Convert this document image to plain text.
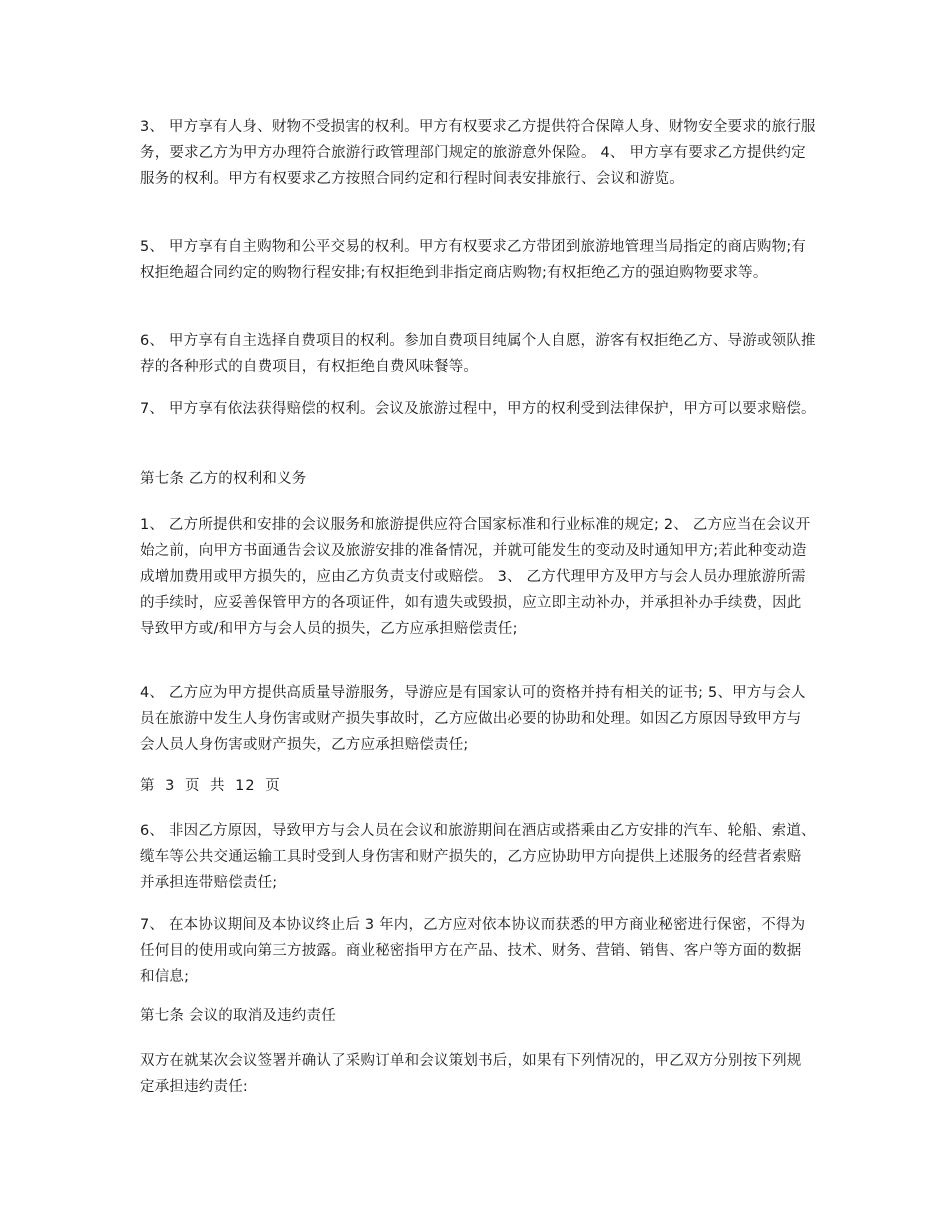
3、 甲方享有人身、财物不受损害的权利。甲方有权要求乙方提供符合保障人身、财物安全要求的旅行服务，要求乙方为甲方办理符合旅游行政管理部门规定的旅游意外保险。 4、 甲方享有要求乙方提供约定服务的权利。甲方有权要求乙方按照合同约定和行程时间表安排旅行、会议和游览。

5、 甲方享有自主购物和公平交易的权利。甲方有权要求乙方带团到旅游地管理当局指定的商店购物;有权拒绝超合同约定的购物行程安排;有权拒绝到非指定商店购物;有权拒绝乙方的强迫购物要求等。

6、 甲方享有自主选择自费项目的权利。参加自费项目纯属个人自愿，游客有权拒绝乙方、导游或领队推荐的各种形式的自费项目，有权拒绝自费风味餐等。

7、 甲方享有依法获得赔偿的权利。会议及旅游过程中，甲方的权利受到法律保护，甲方可以要求赔偿。

第七条 乙方的权利和义务

1、 乙方所提供和安排的会议服务和旅游提供应符合国家标准和行业标准的规定; 2、 乙方应当在会议开始之前，向甲方书面通告会议及旅游安排的准备情况，并就可能发生的变动及时通知甲方;若此种变动造成增加费用或甲方损失的，应由乙方负责支付或赔偿。 3、 乙方代理甲方及甲方与会人员办理旅游所需的手续时，应妥善保管甲方的各项证件，如有遗失或毁损，应立即主动补办，并承担补办手续费，因此导致甲方或/和甲方与会人员的损失，乙方应承担赔偿责任;

4、 乙方应为甲方提供高质量导游服务，导游应是有国家认可的资格并持有相关的证书; 5、甲方与会人员在旅游中发生人身伤害或财产损失事故时，乙方应做出必要的协助和处理。如因乙方原因导致甲方与会人员人身伤害或财产损失，乙方应承担赔偿责任;

第 3 页 共 12 页

6、 非因乙方原因，导致甲方与会人员在会议和旅游期间在酒店或搭乘由乙方安排的汽车、轮船、索道、缆车等公共交通运输工具时受到人身伤害和财产损失的，乙方应协助甲方向提供上述服务的经营者索赔并承担连带赔偿责任;

7、 在本协议期间及本协议终止后 3 年内，乙方应对依本协议而获悉的甲方商业秘密进行保密，不得为任何目的使用或向第三方披露。商业秘密指甲方在产品、技术、财务、营销、销售、客户等方面的数据和信息;

第七条 会议的取消及违约责任

双方在就某次会议签署并确认了采购订单和会议策划书后，如果有下列情况的，甲乙双方分别按下列规定承担违约责任:
